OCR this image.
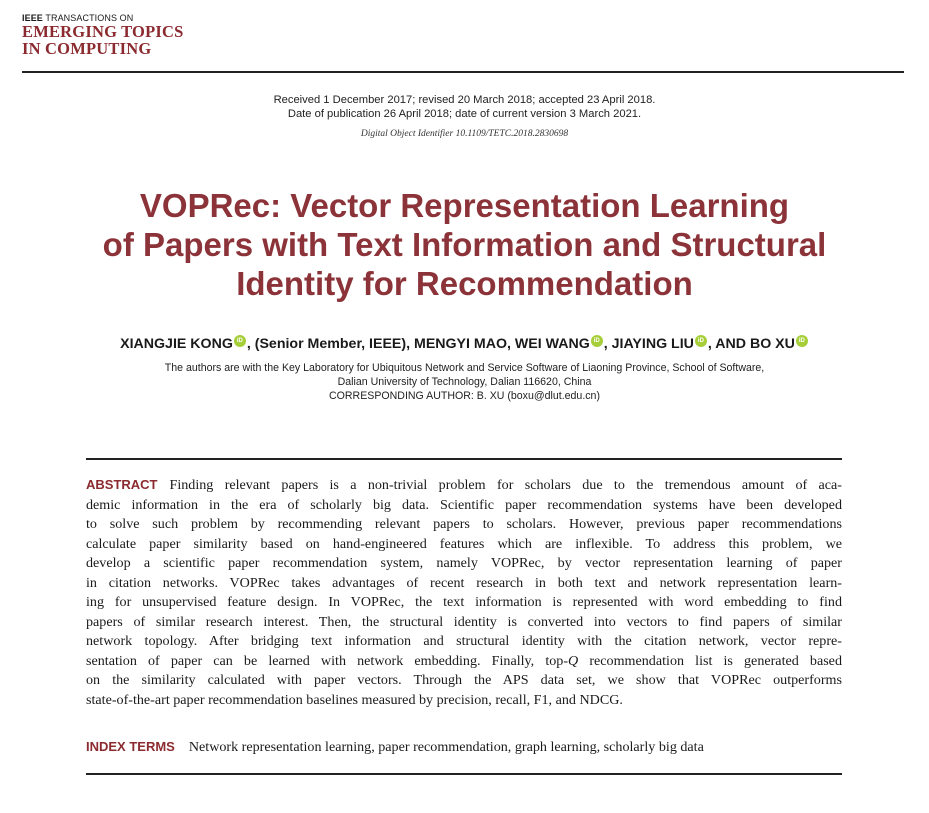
IEEE TRANSACTIONS ON
EMERGING TOPICS
IN COMPUTING
Received 1 December 2017; revised 20 March 2018; accepted 23 April 2018.
Date of publication 26 April 2018; date of current version 3 March 2021.
Digital Object Identifier 10.1109/TETC.2018.2830698
VOPRec: Vector Representation Learning
of Papers with Text Information and Structural
Identity for Recommendation
XIANGJIE KONG iD , (Senior Member, IEEE), MENGYI MAO, WEI WANG iD , JIAYING LIU iD , AND BO XU iD
The authors are with the Key Laboratory for Ubiquitous Network and Service Software of Liaoning Province, School of Software,
Dalian University of Technology, Dalian 116620, China
CORRESPONDING AUTHOR: B. XU (boxu@dlut.edu.cn)
ABSTRACT Finding relevant papers is a non-trivial problem for scholars due to the tremendous amount of aca-
demic information in the era of scholarly big data. Scientific paper recommendation systems have been developed
to solve such problem by recommending relevant papers to scholars. However, previous paper recommendations
calculate paper similarity based on hand-engineered features which are inflexible. To address this problem, we
develop a scientific paper recommendation system, namely VOPRec, by vector representation learning of paper
in citation networks. VOPRec takes advantages of recent research in both text and network representation learn-
ing for unsupervised feature design. In VOPRec, the text information is represented with word embedding to find
papers of similar research interest. Then, the structural identity is converted into vectors to find papers of similar
network topology. After bridging text information and structural identity with the citation network, vector repre-
sentation of paper can be learned with network embedding. Finally, top-Q recommendation list is generated based
on the similarity calculated with paper vectors. Through the APS data set, we show that VOPRec outperforms
state-of-the-art paper recommendation baselines measured by precision, recall, F1, and NDCG.
INDEX TERMS Network representation learning, paper recommendation, graph learning, scholarly big data
